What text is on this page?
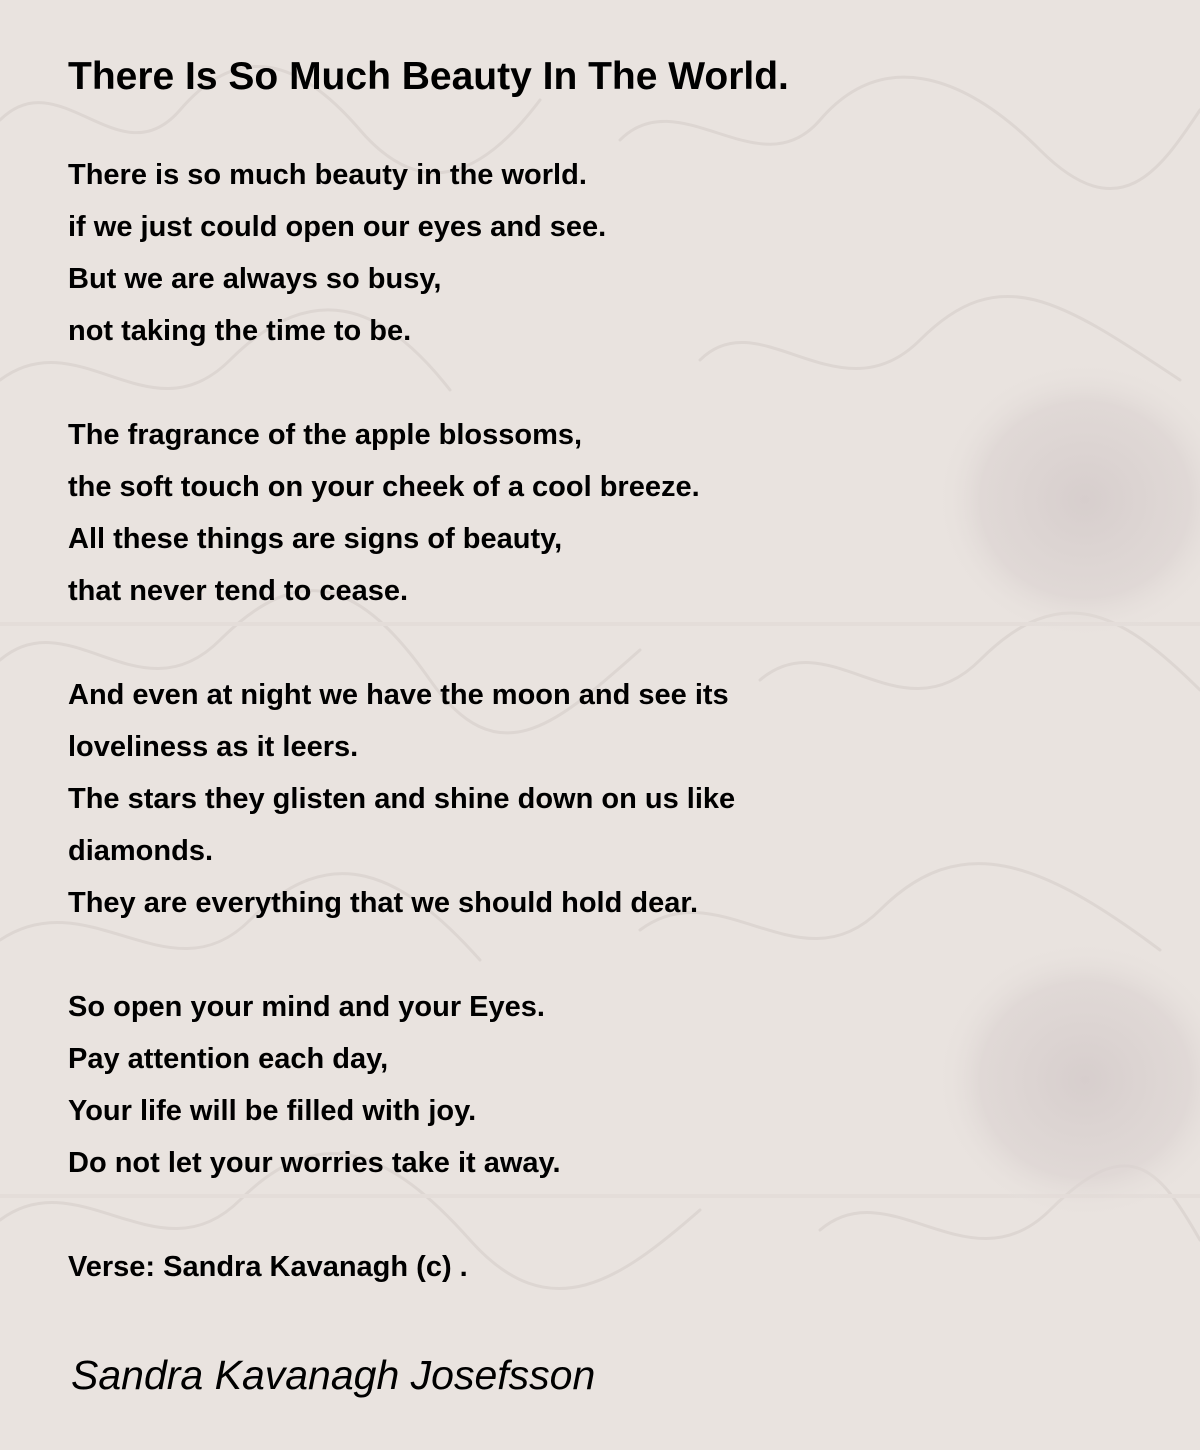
There Is So Much Beauty In The World.
There is so much beauty in the world.
if we just could open our eyes and see.
But we are always so busy,
not taking the time to be.
The fragrance of the apple blossoms,
the soft touch on your cheek of a cool breeze.
All these things are signs of beauty,
that never tend to cease.
And even at night we have the moon and see its
loveliness as it leers.
The stars they glisten and shine down on us like
diamonds.
They are everything that we should hold dear.
So open your mind and your Eyes.
Pay attention each day,
Your life will be filled with joy.
Do not let your worries take it away.
Verse: Sandra Kavanagh (c) .
Sandra Kavanagh Josefsson
